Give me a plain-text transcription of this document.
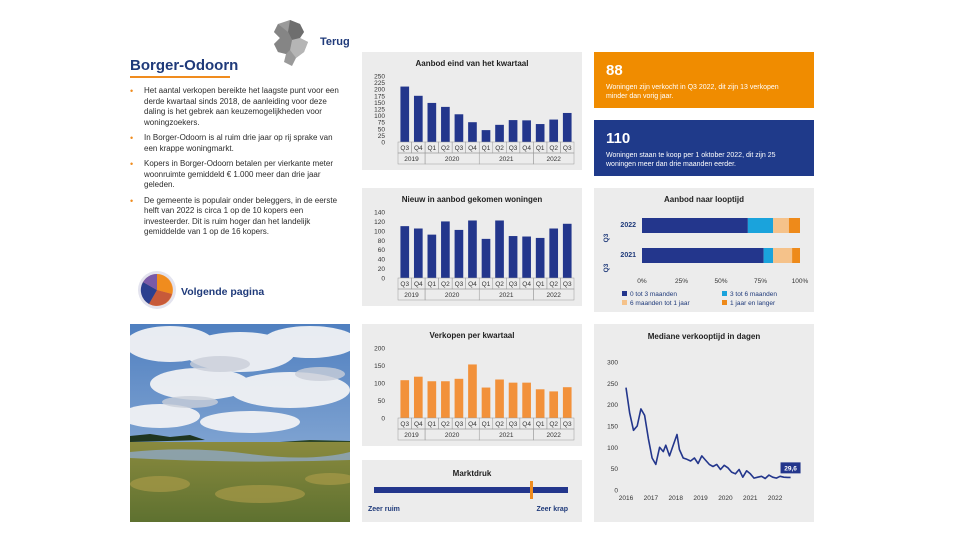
Terug
Borger-Odoorn
• Het aantal verkopen bereikte het laagste punt voor een derde kwartaal sinds 2018, de aanleiding voor deze daling is het gebrek aan keuzemogelijkheden voor woningzoekers.
• In Borger-Odoorn is al ruim drie jaar op rij sprake van een krappe woningmarkt.
• Kopers in Borger-Odoorn betalen per vierkante meter woonruimte gemiddeld € 1.000 meer dan drie jaar geleden.
• De gemeente is populair onder beleggers, in de eerste helft van 2022 is circa 1 op de 10 kopers een investeerder. Dit is ruim hoger dan het landelijk gemiddelde van 1 op de 16 kopers.
Volgende pagina
Aanbod eind van het kwartaal
0
25
50
75
100
125
150
175
200
225
250
Q3 Q4 Q1 Q2 Q3 Q4 Q1 Q2 Q3 Q4 Q1 Q2 Q3
2019	2020	2021	2022
Nieuw in aanbod gekomen woningen
0
20
40
60
80
100
120
140
Q3 Q4 Q1 Q2 Q3 Q4 Q1 Q2 Q3 Q4 Q1 Q2 Q3
2019	2020	2021	2022
Verkopen per kwartaal
0
50
100
150
200
Q3 Q4 Q1 Q2 Q3 Q4 Q1 Q2 Q3 Q4 Q1 Q2 Q3
2019	2020	2021	2022
Marktdruk
Zeer ruim	Zeer krap
88
Woningen zijn verkocht in Q3 2022, dit zijn 13 verkopen minder dan vorig jaar.
110
Woningen staan te koop per 1 oktober 2022, dit zijn 25 woningen meer dan drie maanden eerder.
Aanbod naar looptijd
Q3
Q3
2022
2021
0%	25%	50%	75%	100%
0 tot 3 maanden	3 tot 6 maanden
6 maanden tot 1 jaar	1 jaar en langer
Mediane verkooptijd in dagen
0
50
100
150
200
250
300
2016 2017 2018 2019 2020 2021 2022
29,6
